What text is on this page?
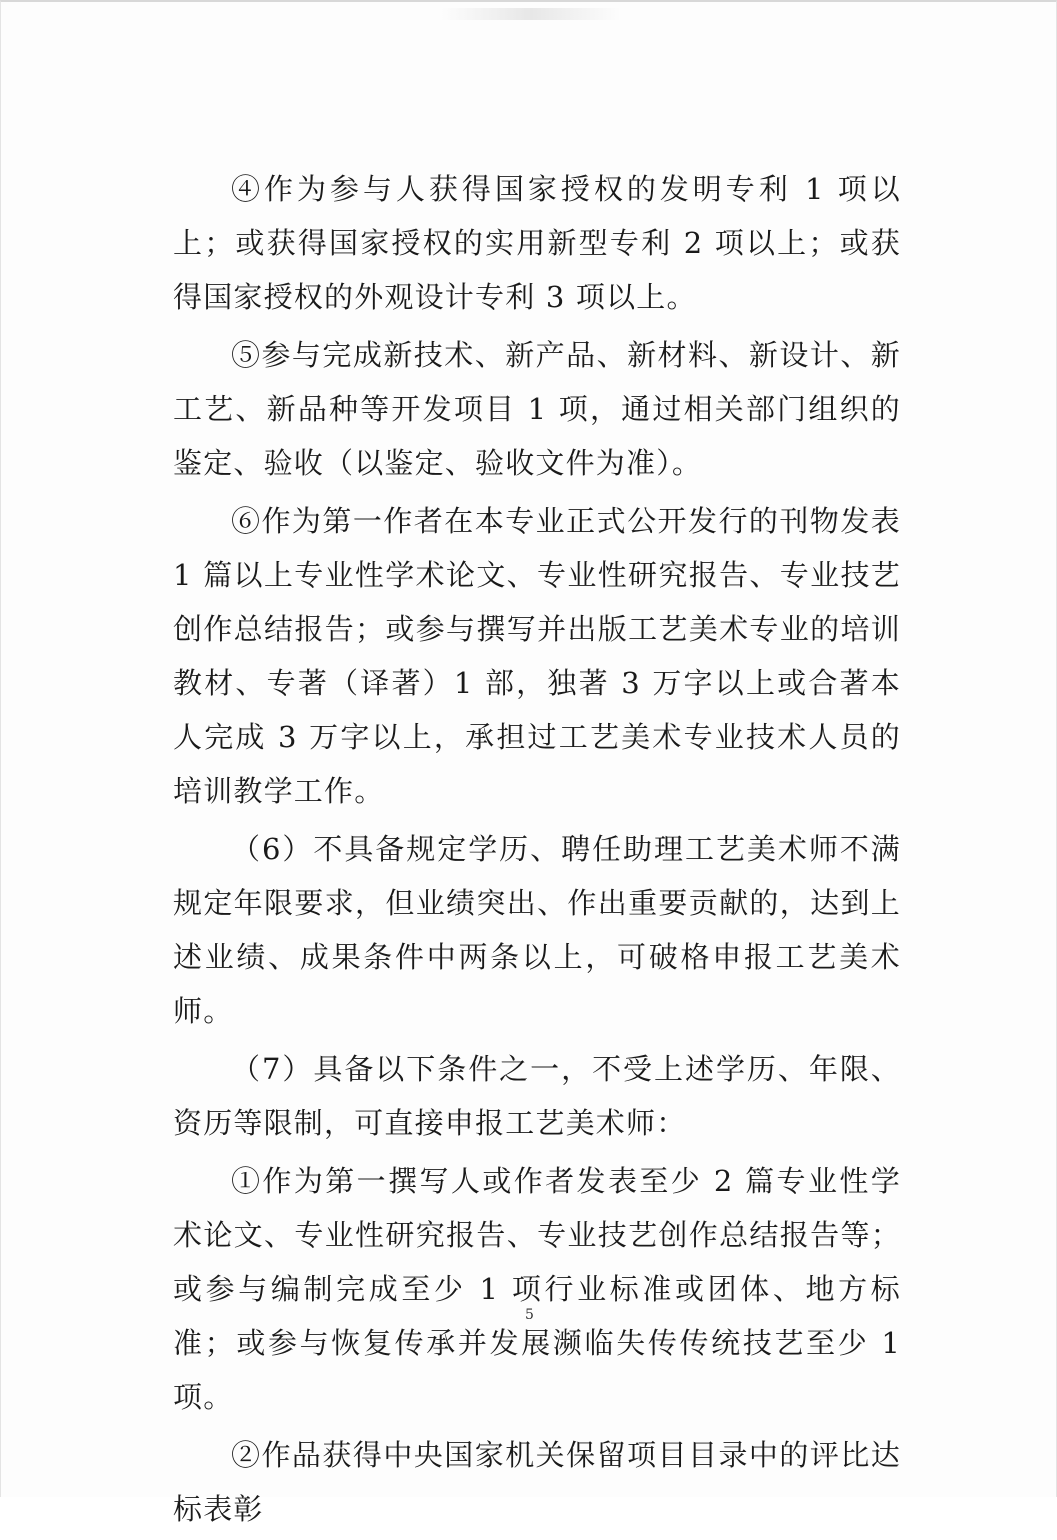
④作为参与人获得国家授权的发明专利 1 项以上；或获得国家授权的实用新型专利 2 项以上；或获得国家授权的外观设计专利 3 项以上。

⑤参与完成新技术、新产品、新材料、新设计、新工艺、新品种等开发项目 1 项，通过相关部门组织的鉴定、验收（以鉴定、验收文件为准）。

⑥作为第一作者在本专业正式公开发行的刊物发表 1 篇以上专业性学术论文、专业性研究报告、专业技艺创作总结报告；或参与撰写并出版工艺美术专业的培训教材、专著（译著）1 部，独著 3 万字以上或合著本人完成 3 万字以上，承担过工艺美术专业技术人员的培训教学工作。

（6）不具备规定学历、聘任助理工艺美术师不满规定年限要求，但业绩突出、作出重要贡献的，达到上述业绩、成果条件中两条以上，可破格申报工艺美术师。

（7）具备以下条件之一，不受上述学历、年限、资历等限制，可直接申报工艺美术师：

①作为第一撰写人或作者发表至少 2 篇专业性学术论文、专业性研究报告、专业技艺创作总结报告等；或参与编制完成至少 1 项行业标准或团体、地方标准；或参与恢复传承并发展濒临失传传统技艺至少 1 项。

②作品获得中央国家机关保留项目目录中的评比达标表彰

5
